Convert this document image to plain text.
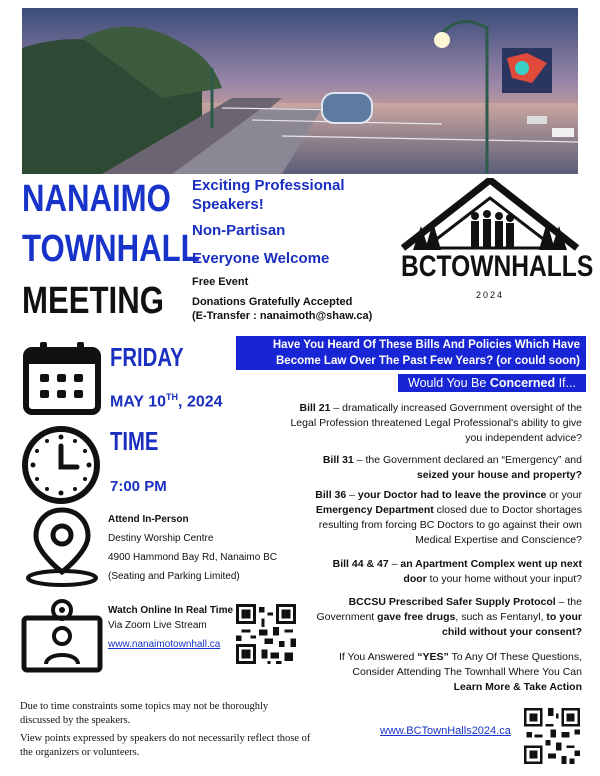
NANAIMO
TOWNHALL
MEETING
Exciting Professional Speakers!
Non-Partisan
Everyone Welcome
Free Event
Donations Gratefully Accepted
(E-Transfer : nanaimoth@shaw.ca)
BCTOWNHALLS
2024
FRIDAY
MAY 10TH, 2024
TIME
7:00 PM
Attend In-Person
Destiny Worship Centre
4900 Hammond Bay Rd, Nanaimo BC
(Seating and Parking Limited)
Watch Online In Real Time
Via Zoom Live Stream
www.nanaimotownhall.ca
Due to time constraints some topics may not be thoroughly discussed by the speakers.
View points expressed by speakers do not necessarily reflect those of the organizers or volunteers.
Have You Heard Of These Bills And Policies Which Have Become Law Over The Past Few Years? (or could soon)
Would You Be Concerned If...
Bill 21 – dramatically increased Government oversight of the Legal Profession threatened Legal Professional's ability to give you independent advice?
Bill 31 – the Government declared an “Emergency” and seized your house and property?
Bill 36 – your Doctor had to leave the province or your Emergency Department closed due to Doctor shortages resulting from forcing BC Doctors to go against their own Medical Expertise and Conscience?
Bill 44 & 47 – an Apartment Complex went up next door to your home without your input?
BCCSU Prescribed Safer Supply Protocol – the Government gave free drugs, such as Fentanyl, to your child without your consent?
If You Answered “YES” To Any Of These Questions,
Consider Attending The Townhall Where You Can
Learn More & Take Action
www.BCTownHalls2024.ca
